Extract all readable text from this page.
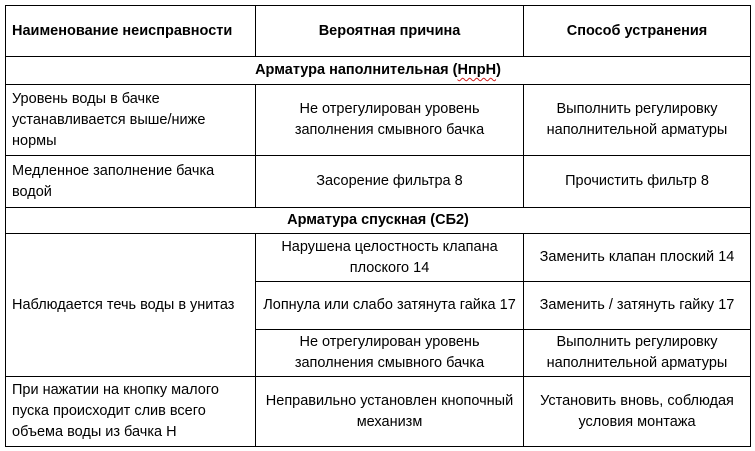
Наименование неисправности	Вероятная причина	Способ устранения
Арматура наполнительная (НпрН)		
Уровень воды в бачке устанавливается выше/ниже нормы	Не отрегулирован уровень заполнения смывного бачка	Выполнить регулировку наполнительной арматуры
Медленное заполнение бачка водой	Засорение фильтра 8	Прочистить фильтр 8
Арматура спускная (СБ2)		
Наблюдается течь воды в унитаз	Нарушена целостность клапана плоского 14	Заменить клапан плоский 14
	Лопнула или слабо затянута гайка 17	Заменить / затянуть гайку 17
	Не отрегулирован уровень заполнения смывного бачка	Выполнить регулировку наполнительной арматуры
При нажатии на кнопку малого пуска происходит слив всего объема воды из бачка Н	Неправильно установлен кнопочный механизм	Установить вновь, соблюдая условия монтажа
